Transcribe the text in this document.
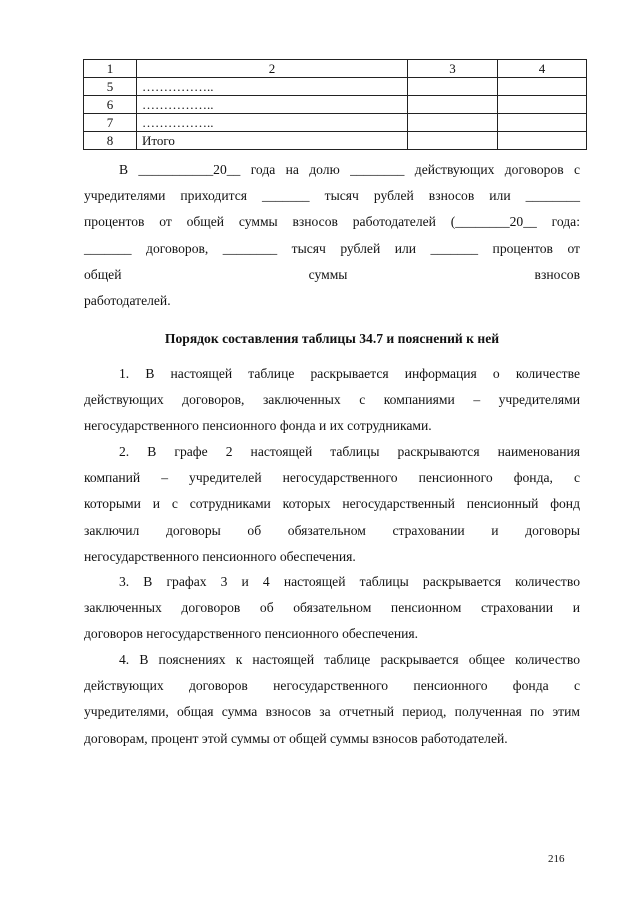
1	2	3	4
5	……………..		
6	……………..		
7	……………..		
8	Итого		
В ___________20__ года на долю ________ действующих договоров с
учредителями приходится _______ тысяч рублей взносов или ________
процентов от общей суммы взносов работодателей (________20__ года:
_______ договоров, ________ тысяч рублей или _______ процентов от
общей суммы взносов
работодателей.
Порядок составления таблицы 34.7 и пояснений к ней
1. В настоящей таблице раскрывается информация о количестве
действующих договоров, заключенных с компаниями – учредителями
негосударственного пенсионного фонда и их сотрудниками.
2. В графе 2 настоящей таблицы раскрываются наименования
компаний – учредителей негосударственного пенсионного фонда, с
которыми и с сотрудниками которых негосударственный пенсионный фонд
заключил договоры об обязательном страховании и договоры
негосударственного пенсионного обеспечения.
3. В графах 3 и 4 настоящей таблицы раскрывается количество
заключенных договоров об обязательном пенсионном страховании и
договоров негосударственного пенсионного обеспечения.
4. В пояснениях к настоящей таблице раскрывается общее количество
действующих договоров негосударственного пенсионного фонда с
учредителями, общая сумма взносов за отчетный период, полученная по этим
договорам, процент этой суммы от общей суммы взносов работодателей.
216
